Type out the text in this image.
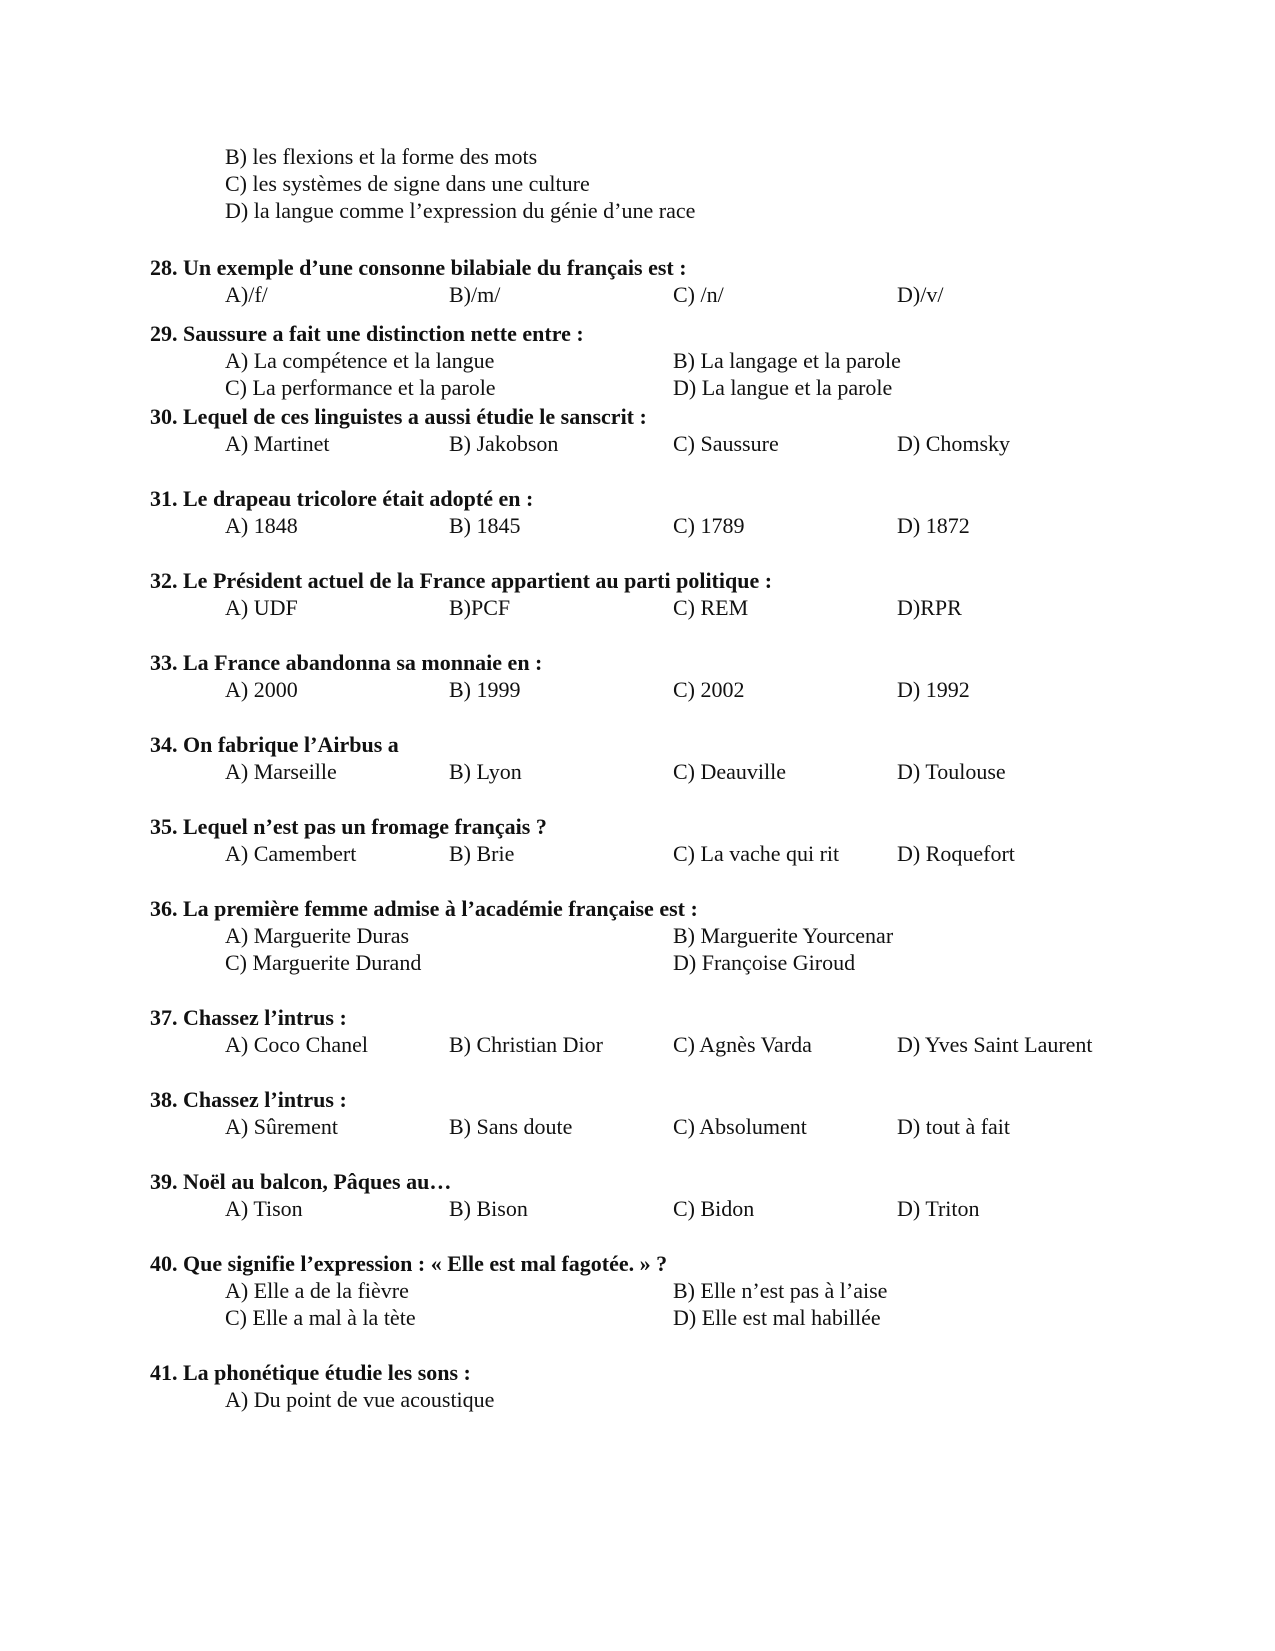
B) les flexions et la forme des mots
C) les systèmes de signe dans une culture
D) la langue comme l’expression du génie d’une race
28. Un exemple d’une consonne bilabiale du français est :
A)/f/	B)/m/	C) /n/	D)/v/
29. Saussure a fait une distinction nette entre :
A) La compétence et la langue	B) La langage et la parole
C) La performance et la parole	D) La langue et la parole
30. Lequel de ces linguistes a aussi étudie le sanscrit :
A) Martinet	B) Jakobson	C) Saussure	D) Chomsky
31. Le drapeau tricolore était adopté en :
A) 1848	B) 1845	C) 1789	D) 1872
32. Le Président actuel de la France appartient au parti politique :
A) UDF	B)PCF	C) REM	D)RPR
33. La France abandonna sa monnaie en :
A) 2000	B) 1999	C) 2002	D) 1992
34. On fabrique l’Airbus a
A) Marseille	B) Lyon	C) Deauville	D) Toulouse
35. Lequel n’est pas un fromage français ?
A) Camembert	B) Brie	C) La vache qui rit	D) Roquefort
36. La première femme admise à l’académie française est :
A) Marguerite Duras	B) Marguerite Yourcenar
C) Marguerite Durand	D) Françoise Giroud
37. Chassez l’intrus :
A) Coco Chanel	B) Christian Dior	C) Agnès Varda	D) Yves Saint Laurent
38. Chassez l’intrus :
A) Sûrement	B) Sans doute	C) Absolument	D) tout à fait
39. Noël au balcon, Pâques au…
A) Tison	B) Bison	C) Bidon	D) Triton
40. Que signifie l’expression : « Elle est mal fagotée. » ?
A) Elle a de la fièvre	B) Elle n’est pas à l’aise
C) Elle a mal à la tète	D) Elle est mal habillée
41. La phonétique étudie les sons :
A) Du point de vue acoustique
